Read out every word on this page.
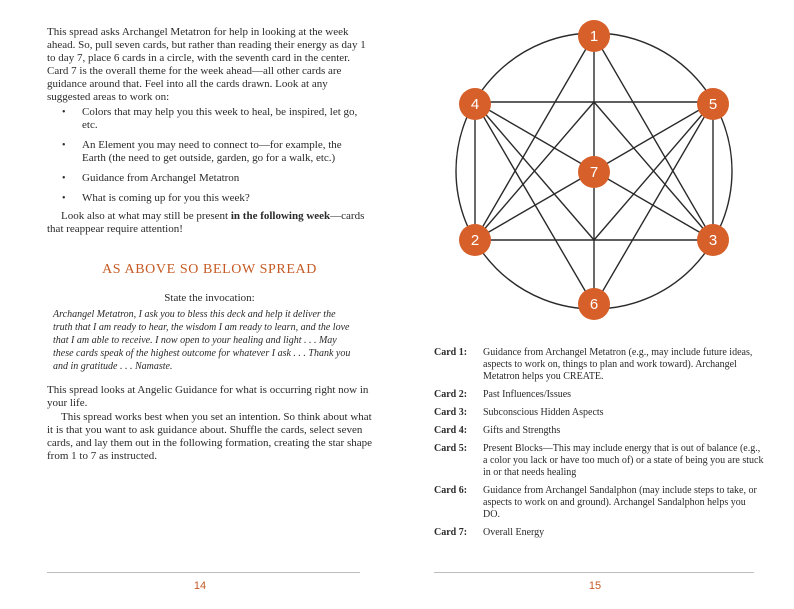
This spread asks Archangel Metatron for help in looking at the week ahead. So, pull seven cards, but rather than reading their energy as day 1 to day 7, place 6 cards in a circle, with the seventh card in the center. Card 7 is the overall theme for the week ahead—all other cards are guidance around that. Feel into all the cards drawn. Look at any suggested areas to work on:

• Colors that may help you this week to heal, be inspired, let go, etc.
• An Element you may need to connect to—for example, the Earth (the need to get outside, garden, go for a walk, etc.)
• Guidance from Archangel Metatron
• What is coming up for you this week?

Look also at what may still be present in the following week—cards that reappear require attention!

AS ABOVE SO BELOW SPREAD

State the invocation:

Archangel Metatron, I ask you to bless this deck and help it deliver the truth that I am ready to hear, the wisdom I am ready to learn, and the love that I am able to receive. I now open to your healing and light . . . May these cards speak of the highest outcome for whatever I ask . . . Thank you and in gratitude . . . Namaste.

This spread looks at Angelic Guidance for what is occurring right now in your life.

This spread works best when you set an intention. So think about what it is that you want to ask guidance about. Shuffle the cards, select seven cards, and lay them out in the following formation, creating the star shape from 1 to 7 as instructed.

14
1
2	3
4	5
6
7
Card 1:	Guidance from Archangel Metatron (e.g., may include future ideas, aspects to work on, things to plan and work toward). Archangel Metatron helps you CREATE.
Card 2:	Past Influences/Issues
Card 3:	Subconscious Hidden Aspects
Card 4:	Gifts and Strengths
Card 5:	Present Blocks—This may include energy that is out of balance (e.g., a color you lack or have too much of) or a state of being you are stuck in or that needs healing
Card 6:	Guidance from Archangel Sandalphon (may include steps to take, or aspects to work on and ground). Archangel Sandalphon helps you DO.
Card 7:	Overall Energy
15
